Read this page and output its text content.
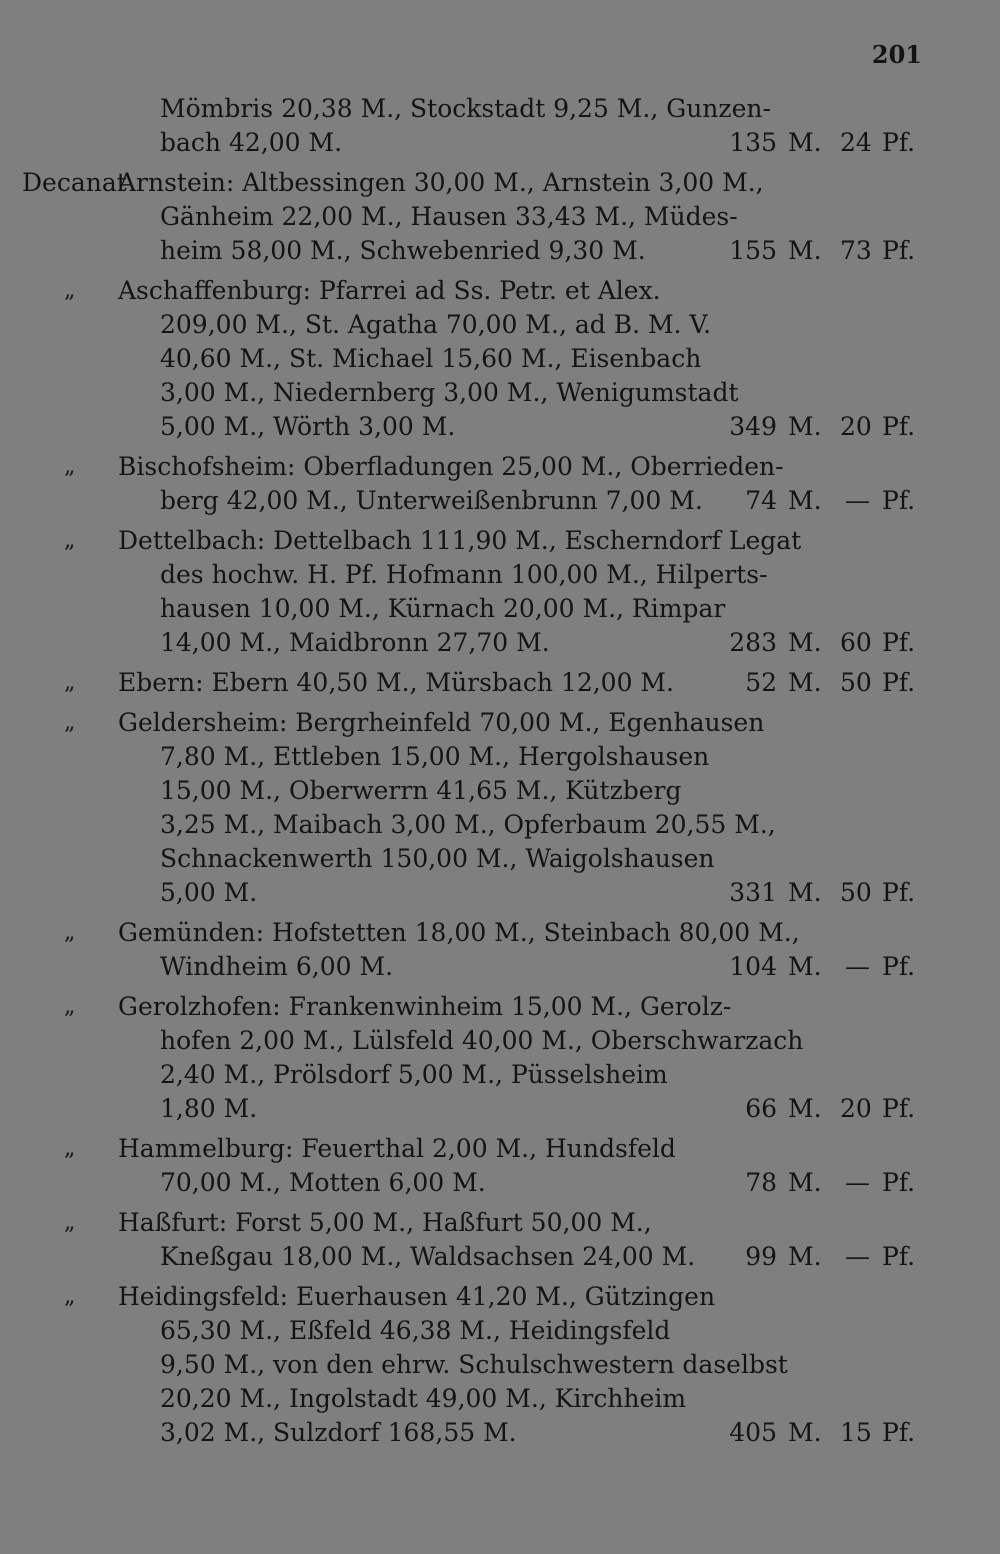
201
Mömbris 20,38 M., Stockstadt 9,25 M., Gunzen-
bach 42,00 M.	135 M. 24 Pf.
Decanat
Arnstein: Altbessingen 30,00 M., Arnstein 3,00 M.,
Gänheim 22,00 M., Hausen 33,43 M., Müdes-
heim 58,00 M., Schwebenried 9,30 M.	155 M. 73 Pf.
„ Aschaffenburg: Pfarrei ad Ss. Petr. et Alex.
209,00 M., St. Agatha 70,00 M., ad B. M. V.
40,60 M., St. Michael 15,60 M., Eisenbach
3,00 M., Niedernberg 3,00 M., Wenigumstadt
5,00 M., Wörth 3,00 M.	349 M. 20 Pf.
„ Bischofsheim: Oberfladungen 25,00 M., Oberrieden-
berg 42,00 M., Unterweißenbrunn 7,00 M.	74 M. — Pf.
„ Dettelbach: Dettelbach 111,90 M., Escherndorf Legat
des hochw. H. Pf. Hofmann 100,00 M., Hilperts-
hausen 10,00 M., Kürnach 20,00 M., Rimpar
14,00 M., Maidbronn 27,70 M.	283 M. 60 Pf.
„ Ebern: Ebern 40,50 M., Mürsbach 12,00 M.	52 M. 50 Pf.
„ Geldersheim: Bergrheinfeld 70,00 M., Egenhausen
7,80 M., Ettleben 15,00 M., Hergolshausen
15,00 M., Oberwerrn 41,65 M., Kützberg
3,25 M., Maibach 3,00 M., Opferbaum 20,55 M.,
Schnackenwerth 150,00 M., Waigolshausen
5,00 M.	331 M. 50 Pf.
„ Gemünden: Hofstetten 18,00 M., Steinbach 80,00 M.,
Windheim 6,00 M.	104 M. — Pf.
„ Gerolzhofen: Frankenwinheim 15,00 M., Gerolz-
hofen 2,00 M., Lülsfeld 40,00 M., Oberschwarzach
2,40 M., Prölsdorf 5,00 M., Püsselsheim
1,80 M.	66 M. 20 Pf.
„ Hammelburg: Feuerthal 2,00 M., Hundsfeld
70,00 M., Motten 6,00 M.	78 M. — Pf.
„ Haßfurt: Forst 5,00 M., Haßfurt 50,00 M.,
Kneßgau 18,00 M., Waldsachsen 24,00 M.	99 M. — Pf.
„ Heidingsfeld: Euerhausen 41,20 M., Gützingen
65,30 M., Eßfeld 46,38 M., Heidingsfeld
9,50 M., von den ehrw. Schulschwestern daselbst
20,20 M., Ingolstadt 49,00 M., Kirchheim
3,02 M., Sulzdorf 168,55 M.	405 M. 15 Pf.
